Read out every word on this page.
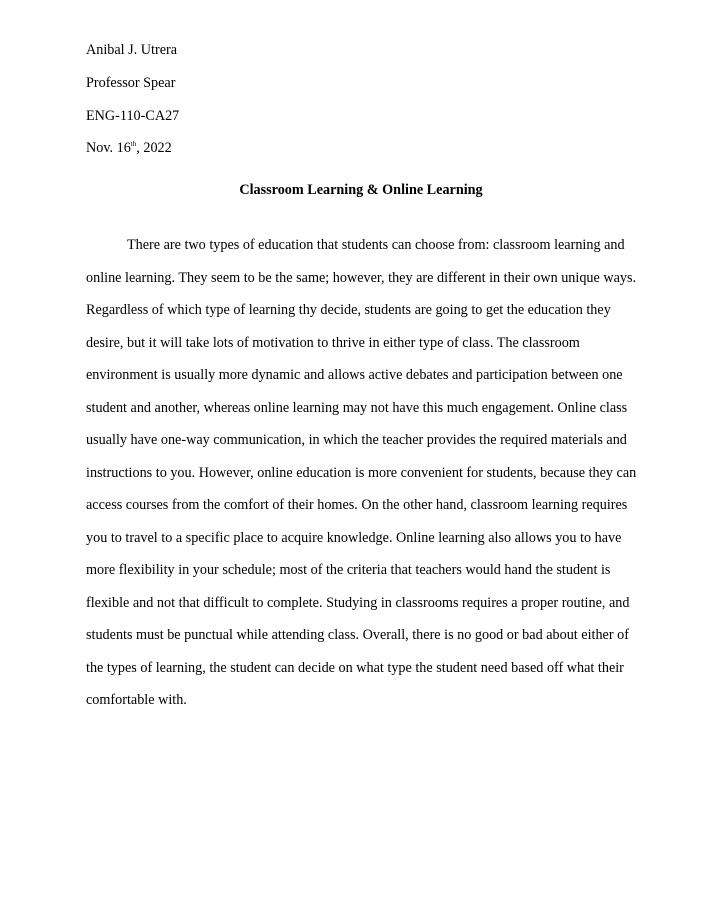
Anibal J. Utrera
Professor Spear
ENG-110-CA27
Nov. 16th, 2022
Classroom Learning & Online Learning
There are two types of education that students can choose from: classroom learning and
online learning. They seem to be the same; however, they are different in their own unique ways.
Regardless of which type of learning thy decide, students are going to get the education they
desire, but it will take lots of motivation to thrive in either type of class. The classroom
environment is usually more dynamic and allows active debates and participation between one
student and another, whereas online learning may not have this much engagement. Online class
usually have one-way communication, in which the teacher provides the required materials and
instructions to you. However, online education is more convenient for students, because they can
access courses from the comfort of their homes. On the other hand, classroom learning requires
you to travel to a specific place to acquire knowledge. Online learning also allows you to have
more flexibility in your schedule; most of the criteria that teachers would hand the student is
flexible and not that difficult to complete. Studying in classrooms requires a proper routine, and
students must be punctual while attending class. Overall, there is no good or bad about either of
the types of learning, the student can decide on what type the student need based off what their
comfortable with.
